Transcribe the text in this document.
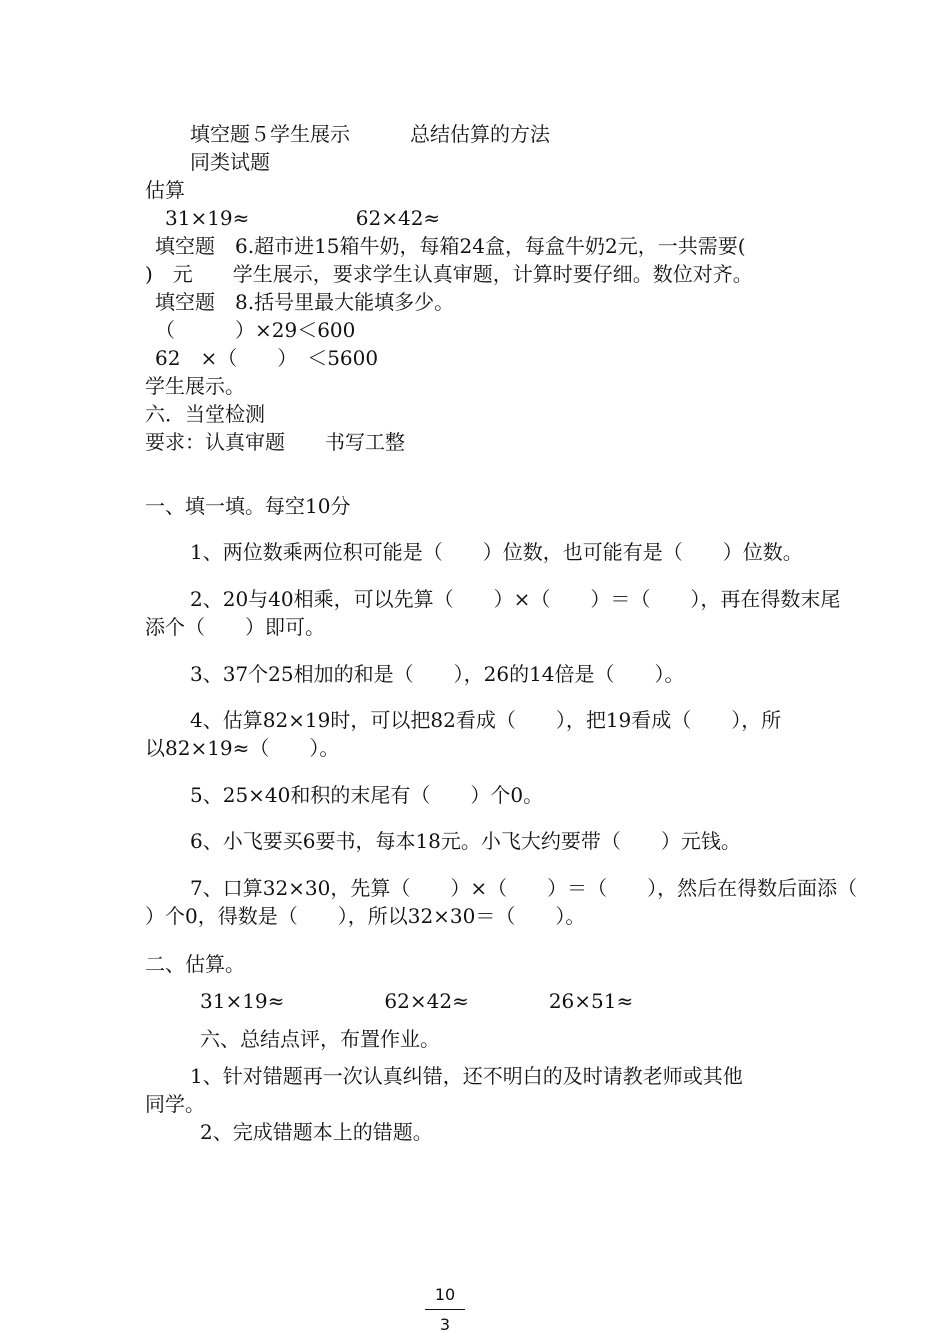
填空题５学生展示　　　总结估算的方法
同类试题
估算
31×19≈　　　　　 62×42≈
填空题　6.超市进15箱牛奶，每箱24盒，每盒牛奶2元，一共需要(
)　元　　学生展示，要求学生认真审题，计算时要仔细。数位对齐。
填空题　8.括号里最大能填多少。
（　　　）×29＜600
62　×（　　）　＜5600
学生展示。
六．当堂检测
要求：认真审题　　书写工整
一、填一填。每空10分
1、两位数乘两位积可能是（　　）位数，也可能有是（　　）位数。
2、20与40相乘，可以先算（　　）×（　　）＝（　　），再在得数末尾
添个（　　）即可。
3、37个25相加的和是（　　），26的14倍是（　　）。
4、估算82×19时，可以把82看成（　　），把19看成（　　），所
以82×19≈（　　）。
5、25×40和积的末尾有（　　）个0。
6、小飞要买6要书，每本18元。小飞大约要带（　　）元钱。
7、口算32×30，先算（　　）×（　　）＝（　　），然后在得数后面添（
）个0，得数是（　　），所以32×30＝（　　）。
二、估算。
31×19≈　　　　　62×42≈　　　　26×51≈
六、总结点评，布置作业。
1、针对错题再一次认真纠错，还不明白的及时请教老师或其他
同学。
2、完成错题本上的错题。
10
3
